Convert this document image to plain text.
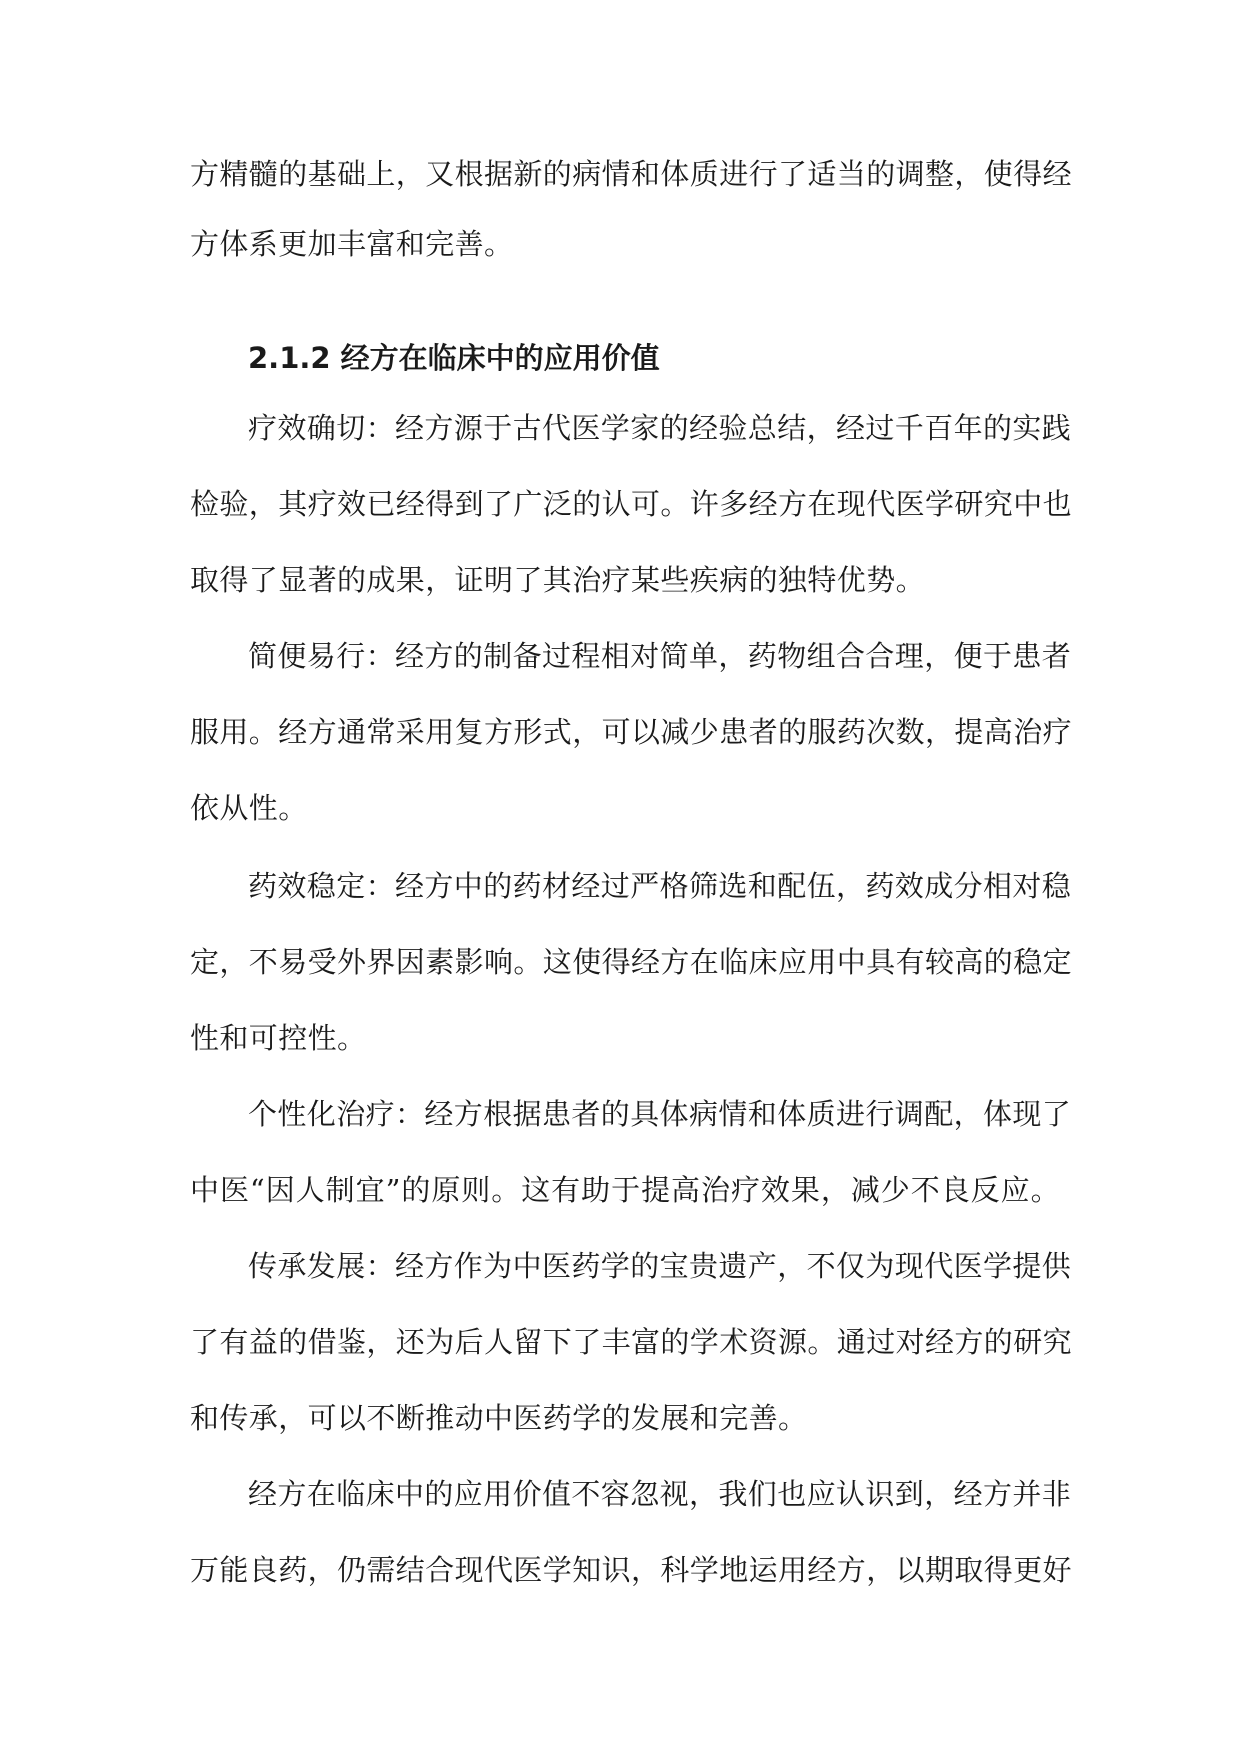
方精髓的基础上，又根据新的病情和体质进行了适当的调整，使得经
方体系更加丰富和完善。
2.1.2 经方在临床中的应用价值
疗效确切：经方源于古代医学家的经验总结，经过千百年的实践
检验，其疗效已经得到了广泛的认可。许多经方在现代医学研究中也
取得了显著的成果，证明了其治疗某些疾病的独特优势。
简便易行：经方的制备过程相对简单，药物组合合理，便于患者
服用。经方通常采用复方形式，可以减少患者的服药次数，提高治疗
依从性。
药效稳定：经方中的药材经过严格筛选和配伍，药效成分相对稳
定，不易受外界因素影响。这使得经方在临床应用中具有较高的稳定
性和可控性。
个性化治疗：经方根据患者的具体病情和体质进行调配，体现了
中医“因人制宜”的原则。这有助于提高治疗效果，减少不良反应。
传承发展：经方作为中医药学的宝贵遗产，不仅为现代医学提供
了有益的借鉴，还为后人留下了丰富的学术资源。通过对经方的研究
和传承，可以不断推动中医药学的发展和完善。
经方在临床中的应用价值不容忽视，我们也应认识到，经方并非
万能良药，仍需结合现代医学知识，科学地运用经方，以期取得更好
